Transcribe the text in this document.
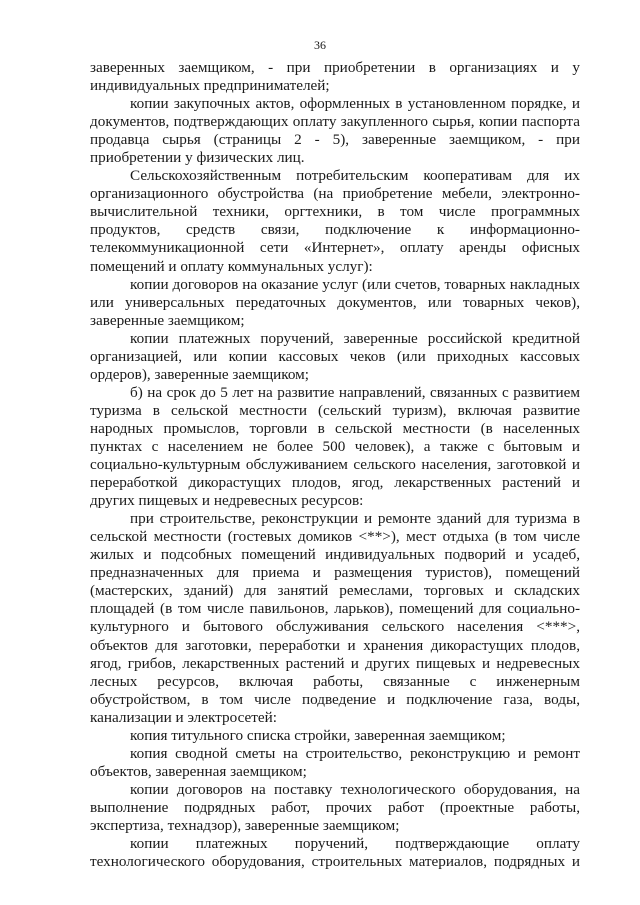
36

заверенных заемщиком, - при приобретении в организациях и у индивидуальных предпринимателей;

копии закупочных актов, оформленных в установленном порядке, и документов, подтверждающих оплату закупленного сырья, копии паспорта продавца сырья (страницы 2 - 5), заверенные заемщиком, - при приобретении у физических лиц.

Сельскохозяйственным потребительским кооперативам для их организационного обустройства (на приобретение мебели, электронно-вычислительной техники, оргтехники, в том числе программных продуктов, средств связи, подключение к информационно-телекоммуникационной сети «Интернет», оплату аренды офисных помещений и оплату коммунальных услуг):

копии договоров на оказание услуг (или счетов, товарных накладных или универсальных передаточных документов, или товарных чеков), заверенные заемщиком;

копии платежных поручений, заверенные российской кредитной организацией, или копии кассовых чеков (или приходных кассовых ордеров), заверенные заемщиком;

б) на срок до 5 лет на развитие направлений, связанных с развитием туризма в сельской местности (сельский туризм), включая развитие народных промыслов, торговли в сельской местности (в населенных пунктах с населением не более 500 человек), а также с бытовым и социально-культурным обслуживанием сельского населения, заготовкой и переработкой дикорастущих плодов, ягод, лекарственных растений и других пищевых и недревесных ресурсов:

при строительстве, реконструкции и ремонте зданий для туризма в сельской местности (гостевых домиков <**>), мест отдыха (в том числе жилых и подсобных помещений индивидуальных подворий и усадеб, предназначенных для приема и размещения туристов), помещений (мастерских, зданий) для занятий ремеслами, торговых и складских площадей (в том числе павильонов, ларьков), помещений для социально-культурного и бытового обслуживания сельского населения <***>, объектов для заготовки, переработки и хранения дикорастущих плодов, ягод, грибов, лекарственных растений и других пищевых и недревесных лесных ресурсов, включая работы, связанные с инженерным обустройством, в том числе подведение и подключение газа, воды, канализации и электросетей:

копия титульного списка стройки, заверенная заемщиком;

копия сводной сметы на строительство, реконструкцию и ремонт объектов, заверенная заемщиком;

копии договоров на поставку технологического оборудования, на выполнение подрядных работ, прочих работ (проектные работы, экспертиза, технадзор), заверенные заемщиком;

копии платежных поручений, подтверждающие оплату технологического оборудования, строительных материалов, подрядных и
